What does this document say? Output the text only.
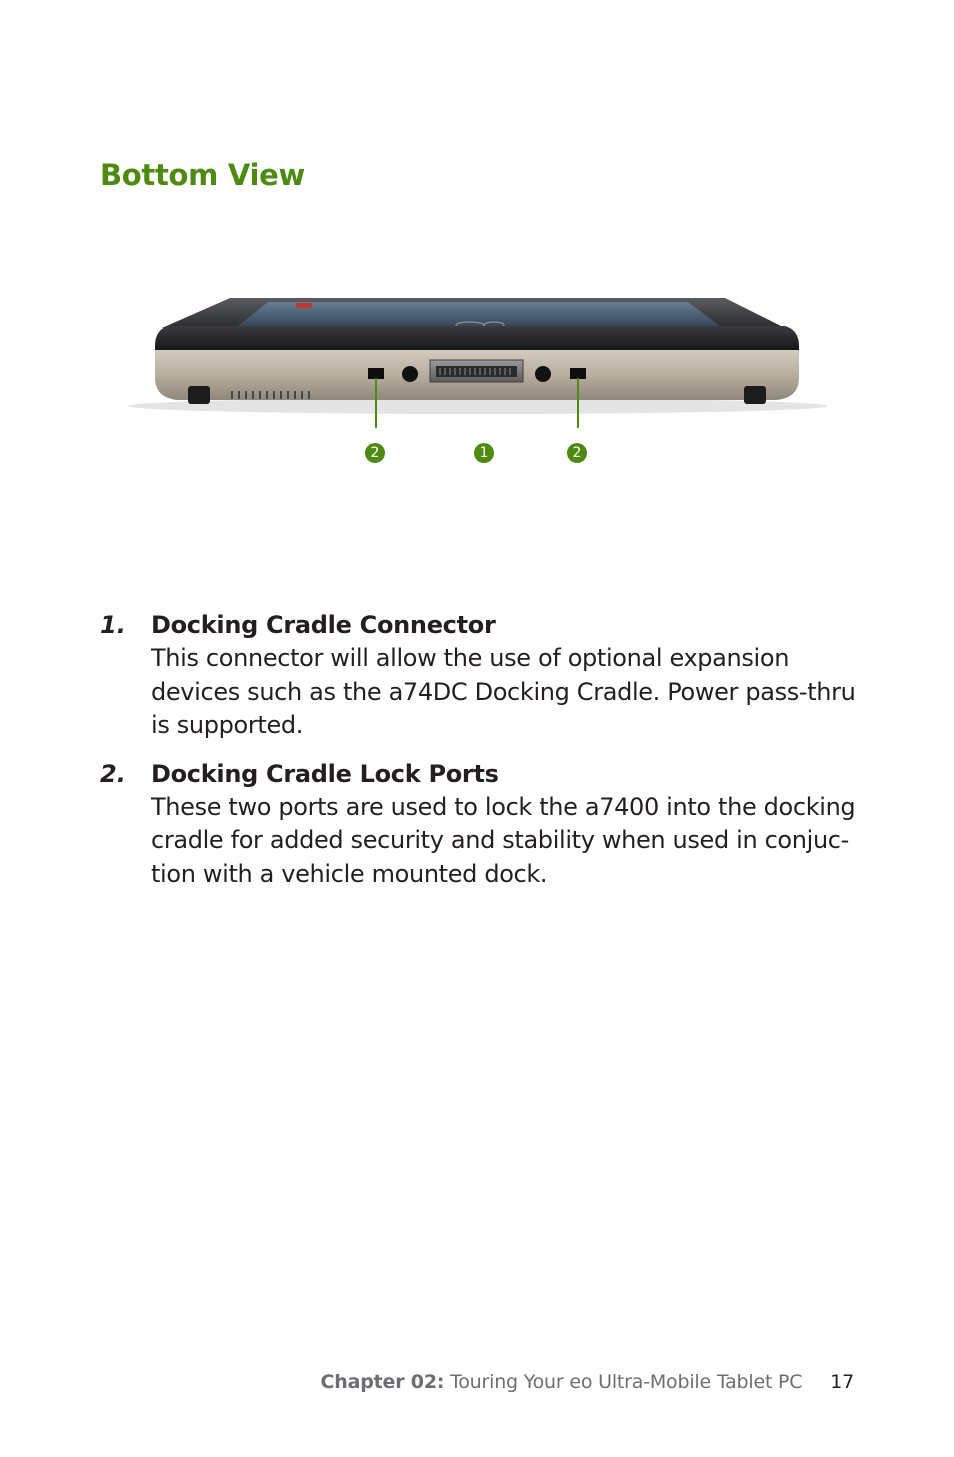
Bottom View
2	1	2
1. Docking Cradle Connector
This connector will allow the use of optional expansion
devices such as the a74DC Docking Cradle. Power pass-thru
is supported.
2. Docking Cradle Lock Ports
These two ports are used to lock the a7400 into the docking
cradle for added security and stability when used in conjuc-
tion with a vehicle mounted dock.
Chapter 02: Touring Your eo Ultra-Mobile Tablet PC 17
